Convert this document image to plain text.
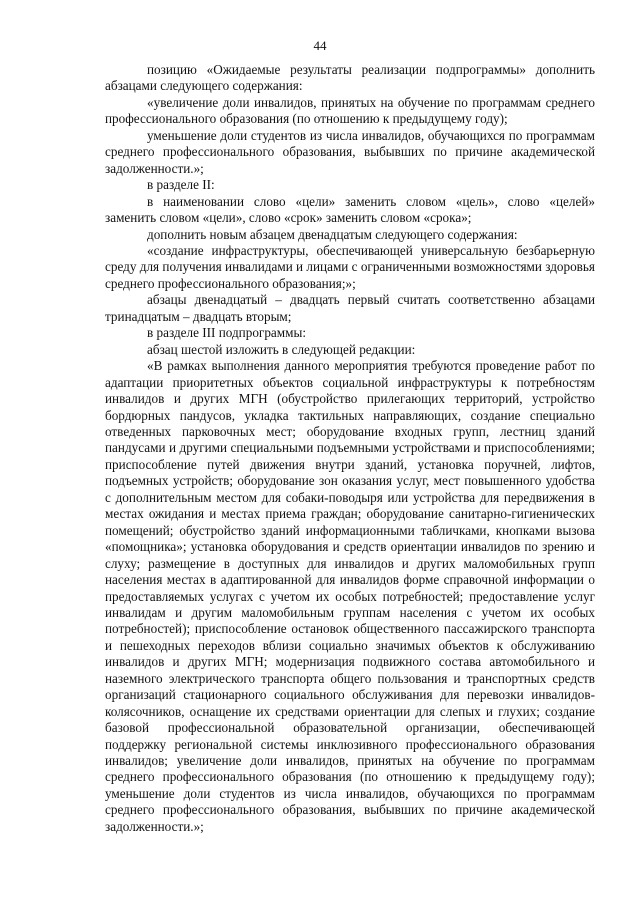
44

позицию «Ожидаемые результаты реализации подпрограммы» дополнить абзацами следующего содержания:

«увеличение доли инвалидов, принятых на обучение по программам среднего профессионального образования (по отношению к предыдущему году);

уменьшение доли студентов из числа инвалидов, обучающихся по программам среднего профессионального образования, выбывших по причине академической задолженности.»;

в разделе II:

в наименовании слово «цели» заменить словом «цель», слово «целей» заменить словом «цели», слово «срок» заменить словом «срока»;

дополнить новым абзацем двенадцатым следующего содержания:

«создание инфраструктуры, обеспечивающей универсальную безбарьерную среду для получения инвалидами и лицами с ограниченными возможностями здоровья среднего профессионального образования;»;

абзацы двенадцатый – двадцать первый считать соответственно абзацами тринадцатым – двадцать вторым;

в разделе III подпрограммы:

абзац шестой изложить в следующей редакции:

«В рамках выполнения данного мероприятия требуются проведение работ по адаптации приоритетных объектов социальной инфраструктуры к потребностям инвалидов и других МГН (обустройство прилегающих территорий, устройство бордюрных пандусов, укладка тактильных направляющих, создание специально отведенных парковочных мест; оборудование входных групп, лестниц зданий пандусами и другими специальными подъемными устройствами и приспособлениями; приспособление путей движения внутри зданий, установка поручней, лифтов, подъемных устройств; оборудование зон оказания услуг, мест повышенного удобства с дополнительным местом для собаки-поводыря или устройства для передвижения в местах ожидания и местах приема граждан; оборудование санитарно-гигиенических помещений; обустройство зданий информационными табличками, кнопками вызова «помощника»; установка оборудования и средств ориентации инвалидов по зрению и слуху; размещение в доступных для инвалидов и других маломобильных групп населения местах в адаптированной для инвалидов форме справочной информации о предоставляемых услугах с учетом их особых потребностей; предоставление услуг инвалидам и другим маломобильным группам населения с учетом их особых потребностей); приспособление остановок общественного пассажирского транспорта и пешеходных переходов вблизи социально значимых объектов к обслуживанию инвалидов и других МГН; модернизация подвижного состава автомобильного и наземного электрического транспорта общего пользования и транспортных средств организаций стационарного социального обслуживания для перевозки инвалидов-колясочников, оснащение их средствами ориентации для слепых и глухих; создание базовой профессиональной образовательной организации, обеспечивающей поддержку региональной системы инклюзивного профессионального образования инвалидов; увеличение доли инвалидов, принятых на обучение по программам среднего профессионального образования (по отношению к предыдущему году); уменьшение доли студентов из числа инвалидов, обучающихся по программам среднего профессионального образования, выбывших по причине академической задолженности.»;
